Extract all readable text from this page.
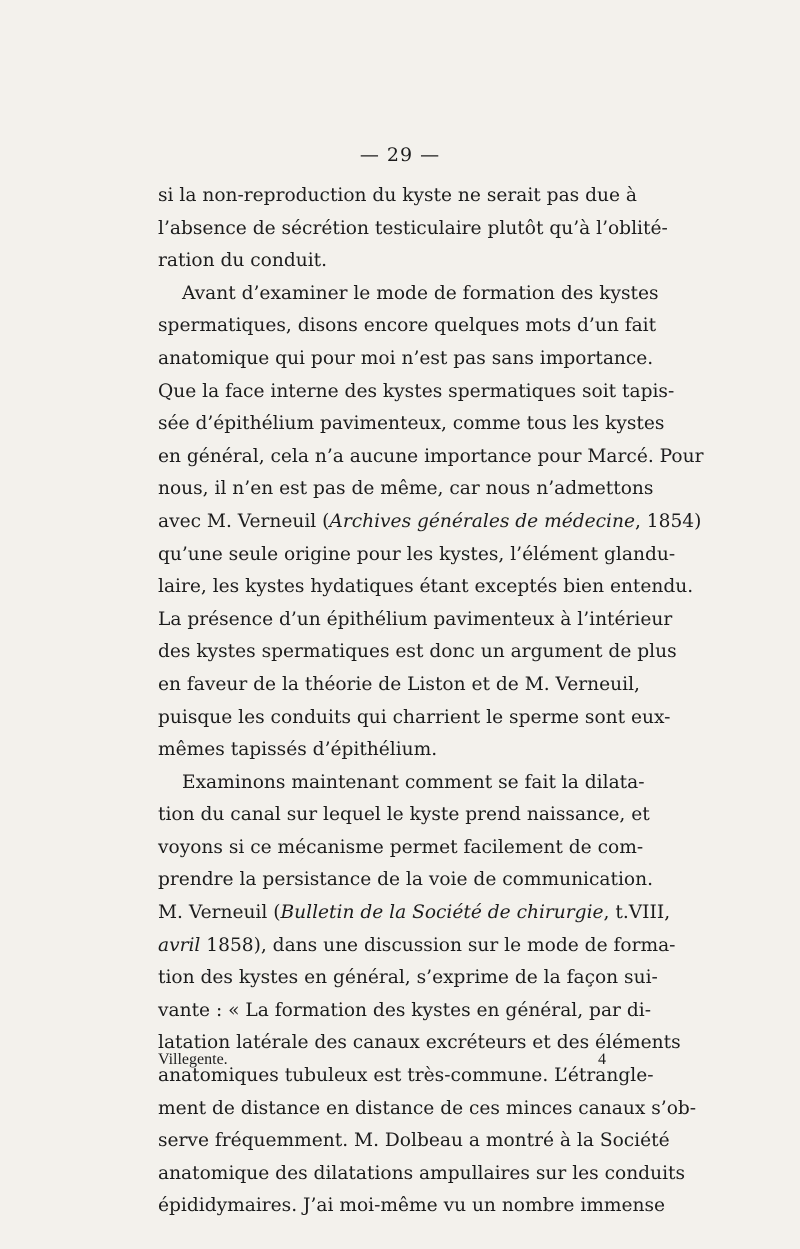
— 29 —
si la non-reproduction du kyste ne serait pas due à
l’absence de sécrétion testiculaire plutôt qu’à l’oblité-
ration du conduit.
Avant d’examiner le mode de formation des kystes
spermatiques, disons encore quelques mots d’un fait
anatomique qui pour moi n’est pas sans importance.
Que la face interne des kystes spermatiques soit tapis-
sée d’épithélium pavimenteux, comme tous les kystes
en général, cela n’a aucune importance pour Marcé. Pour
nous, il n’en est pas de même, car nous n’admettons
avec M. Verneuil (Archives générales de médecine, 1854)
qu’une seule origine pour les kystes, l’élément glandu-
laire, les kystes hydatiques étant exceptés bien entendu.
La présence d’un épithélium pavimenteux à l’intérieur
des kystes spermatiques est donc un argument de plus
en faveur de la théorie de Liston et de M. Verneuil,
puisque les conduits qui charrient le sperme sont eux-
mêmes tapissés d’épithélium.
Examinons maintenant comment se fait la dilata-
tion du canal sur lequel le kyste prend naissance, et
voyons si ce mécanisme permet facilement de com-
prendre la persistance de la voie de communication.
M. Verneuil (Bulletin de la Société de chirurgie, t.VIII,
avril 1858), dans une discussion sur le mode de forma-
tion des kystes en général, s’exprime de la façon sui-
vante : « La formation des kystes en général, par di-
latation latérale des canaux excréteurs et des éléments
anatomiques tubuleux est très-commune. L’étrangle-
ment de distance en distance de ces minces canaux s’ob-
serve fréquemment. M. Dolbeau a montré à la Société
anatomique des dilatations ampullaires sur les conduits
épididymaires. J’ai moi-même vu un nombre immense
Villegente.	4
